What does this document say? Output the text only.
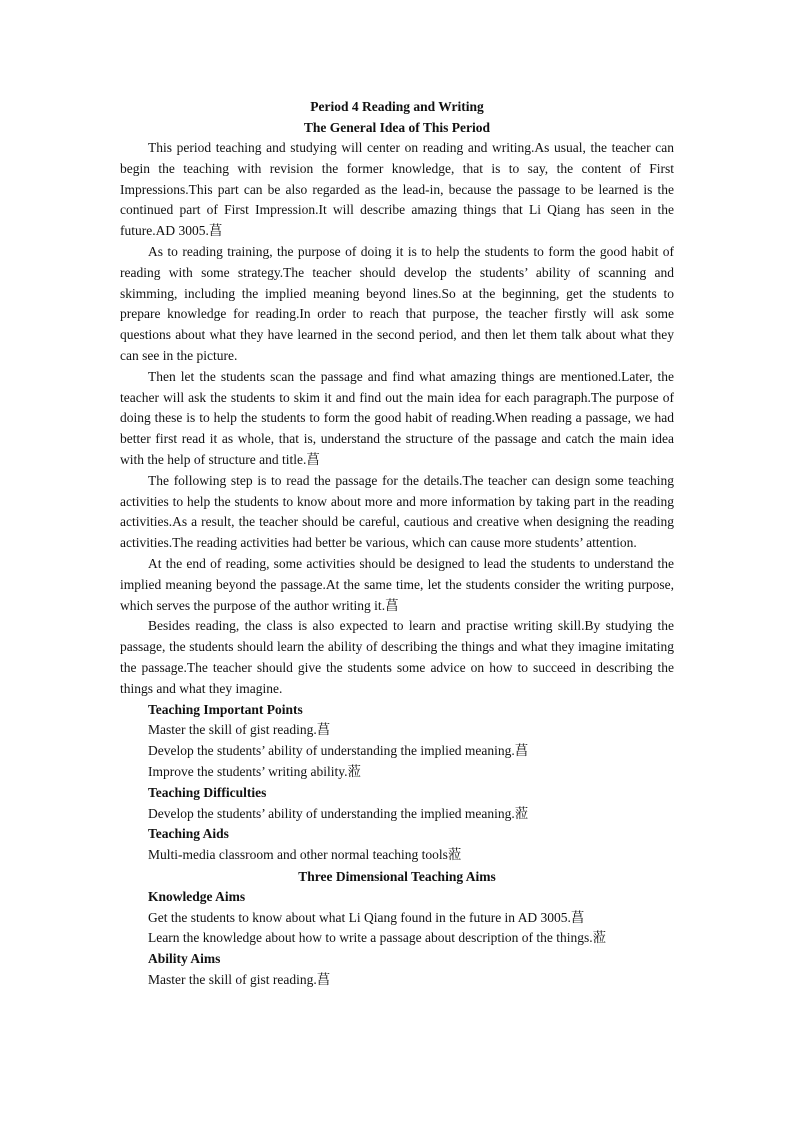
Period 4 Reading and Writing

The General Idea of This Period

This period teaching and studying will center on reading and writing.As usual, the teacher can begin the teaching with revision the former knowledge, that is to say, the content of First Impressions.This part can be also regarded as the lead-in, because the passage to be learned is the continued part of First Impression.It will describe amazing things that Li Qiang has seen in the future.AD 3005.菖

As to reading training, the purpose of doing it is to help the students to form the good habit of reading with some strategy.The teacher should develop the students’ ability of scanning and skimming, including the implied meaning beyond lines.So at the beginning, get the students to prepare knowledge for reading.In order to reach that purpose, the teacher firstly will ask some questions about what they have learned in the second period, and then let them talk about what they can see in the picture.

Then let the students scan the passage and find what amazing things are mentioned.Later, the teacher will ask the students to skim it and find out the main idea for each paragraph.The purpose of doing these is to help the students to form the good habit of reading.When reading a passage, we had better first read it as whole, that is, understand the structure of the passage and catch the main idea with the help of structure and title.菖

The following step is to read the passage for the details.The teacher can design some teaching activities to help the students to know about more and more information by taking part in the reading activities.As a result, the teacher should be careful, cautious and creative when designing the reading activities.The reading activities had better be various, which can cause more students’ attention.

At the end of reading, some activities should be designed to lead the students to understand the implied meaning beyond the passage.At the same time, let the students consider the writing purpose, which serves the purpose of the author writing it.菖

Besides reading, the class is also expected to learn and practise writing skill.By studying the passage, the students should learn the ability of describing the things and what they imagine imitating the passage.The teacher should give the students some advice on how to succeed in describing the things and what they imagine.

Teaching Important Points

Master the skill of gist reading.菖

Develop the students’ ability of understanding the implied meaning.菖

Improve the students’ writing ability.蒞

Teaching Difficulties

Develop the students’ ability of understanding the implied meaning.蒞

Teaching Aids

Multi-media classroom and other normal teaching tools蒞

Three Dimensional Teaching Aims

Knowledge Aims

Get the students to know about what Li Qiang found in the future in AD 3005.菖

Learn the knowledge about how to write a passage about description of the things.蒞

Ability Aims

Master the skill of gist reading.菖
